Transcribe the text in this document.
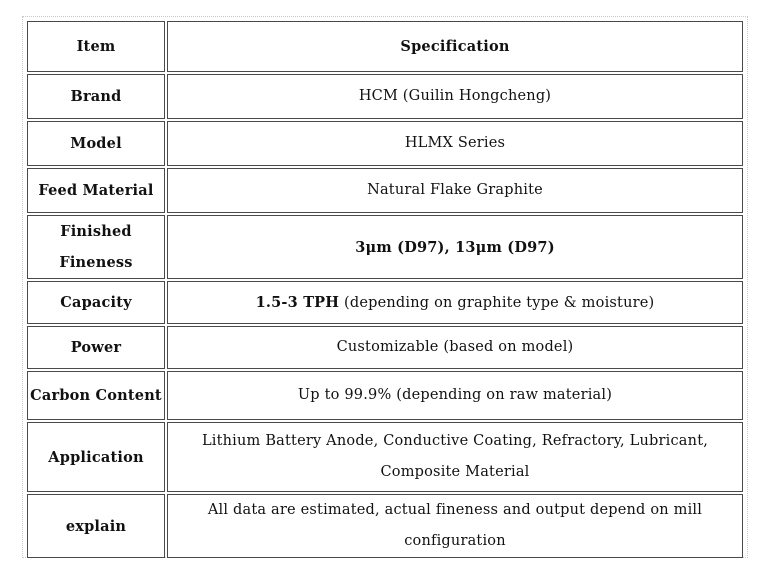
Item	Specification
Brand	HCM (Guilin Hongcheng)
Model	HLMX Series
Feed Material	Natural Flake Graphite
Finished Fineness	3μm (D97), 13μm (D97)
Capacity	1.5-3 TPH (depending on graphite type & moisture)
Power	Customizable (based on model)
Carbon Content	Up to 99.9% (depending on raw material)
Application	Lithium Battery Anode, Conductive Coating, Refractory, Lubricant, Composite Material
explain	All data are estimated, actual fineness and output depend on mill configuration
